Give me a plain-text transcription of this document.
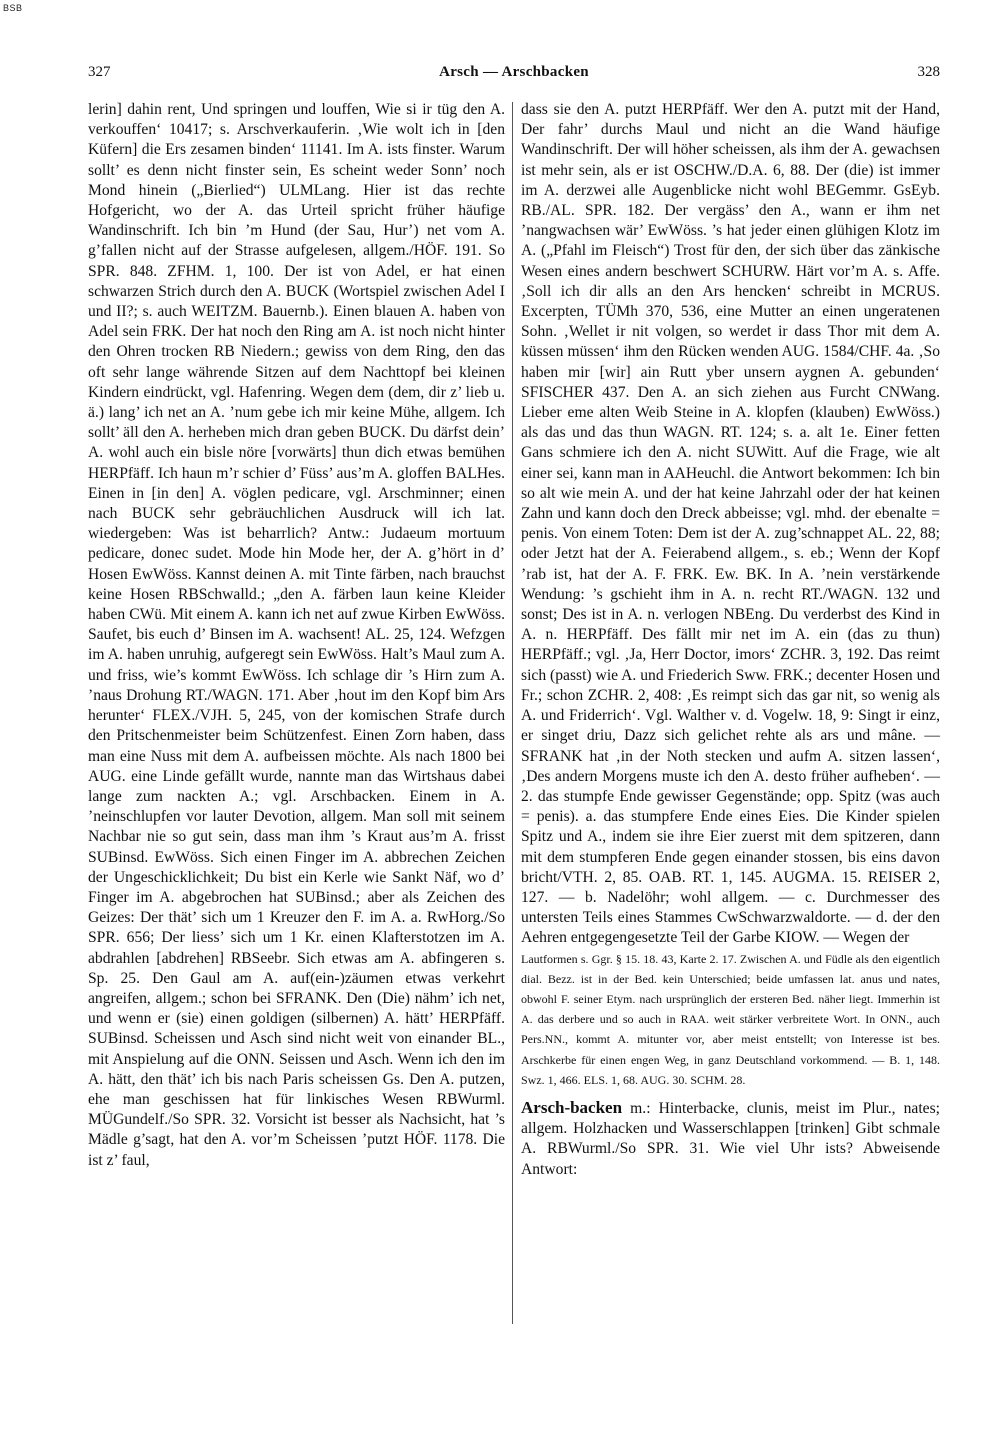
BSB
327	Arsch — Arschbacken	328

lerin] dahin rent, Und springen und louffen, Wie si ir tüg den A. verkouffen‘ 10417; s. Arschverkauferin. ‚Wie wolt ich in [den Küfern] die Ers zesamen binden‘ 11141. Im A. ists finster. Warum sollt’ es denn nicht finster sein, Es scheint weder Sonn’ noch Mond hinein („Bierlied“) ULMLang. Hier ist das rechte Hofgericht, wo der A. das Urteil spricht früher häufige Wandinschrift. Ich bin ’m Hund (der Sau, Hur’) net vom A. g’fallen nicht auf der Strasse aufgelesen, allgem./HÖF. 191. So SPR. 848. ZFHM. 1, 100. Der ist von Adel, er hat einen schwarzen Strich durch den A. BUCK (Wortspiel zwischen Adel I und II?; s. auch WEITZM. Bauernb.). Einen blauen A. haben von Adel sein FRK. Der hat noch den Ring am A. ist noch nicht hinter den Ohren trocken RB Niedern.; gewiss von dem Ring, den das oft sehr lange währende Sitzen auf dem Nachttopf bei kleinen Kindern eindrückt, vgl. Hafenring. Wegen dem (dem, dir z’ lieb u. ä.) lang’ ich net an A. ’num gebe ich mir keine Mühe, allgem. Ich sollt’ äll den A. herheben mich dran geben BUCK. Du därfst dein’ A. wohl auch ein bisle nöre [vorwärts] thun dich etwas bemühen HERPfäff. Ich haun m’r schier d’ Füss’ aus’m A. gloffen BALHes. Einen in [in den] A. vöglen pedicare, vgl. Arschminner; einen nach BUCK sehr gebräuchlichen Ausdruck will ich lat. wiedergeben: Was ist beharrlich? Antw.: Judaeum mortuum pedicare, donec sudet. Mode hin Mode her, der A. g’hört in d’ Hosen EwWöss. Kannst deinen A. mit Tinte färben, nach brauchst keine Hosen RBSchwalld.; „den A. färben laun keine Kleider haben CWü. Mit einem A. kann ich net auf zwue Kirben EwWöss. Saufet, bis euch d’ Binsen im A. wachsent! AL. 25, 124. Wefzgen im A. haben unruhig, aufgeregt sein EwWöss. Halt’s Maul zum A. und friss, wie’s kommt EwWöss. Ich schlage dir ’s Hirn zum A. ’naus Drohung RT./WAGN. 171. Aber ‚hout im den Kopf bim Ars herunter‘ FLEX./VJH. 5, 245, von der komischen Strafe durch den Pritschenmeister beim Schützenfest. Einen Zorn haben, dass man eine Nuss mit dem A. aufbeissen möchte. Als nach 1800 bei AUG. eine Linde gefällt wurde, nannte man das Wirtshaus dabei lange zum nackten A.; vgl. Arschbacken. Einem in A. ’neinschlupfen vor lauter Devotion, allgem. Man soll mit seinem Nachbar nie so gut sein, dass man ihm ’s Kraut aus’m A. frisst SUBinsd. EwWöss. Sich einen Finger im A. abbrechen Zeichen der Ungeschicklichkeit; Du bist ein Kerle wie Sankt Näf, wo d’ Finger im A. abgebrochen hat SUBinsd.; aber als Zeichen des Geizes: Der thät’ sich um 1 Kreuzer den F. im A. a. RwHorg./So SPR. 656; Der liess’ sich um 1 Kr. einen Klafterstotzen im A. abdrahlen [abdrehen] RBSeebr. Sich etwas am A. abfingeren s. Sp. 25. Den Gaul am A. auf(ein-)zäumen etwas verkehrt angreifen, allgem.; schon bei SFRANK. Den (Die) nähm’ ich net, und wenn er (sie) einen goldigen (silbernen) A. hätt’ HERPfäff. SUBinsd. Scheissen und Asch sind nicht weit von einander BL., mit Anspielung auf die ONN. Seissen und Asch. Wenn ich den im A. hätt, den thät’ ich bis nach Paris scheissen Gs. Den A. putzen, ehe man geschissen hat für linkisches Wesen RBWurml. MÜGundelf./So SPR. 32. Vorsicht ist besser als Nachsicht, hat ’s Mädle g’sagt, hat den A. vor’m Scheissen ’putzt HÖF. 1178. Die ist z’ faul,

dass sie den A. putzt HERPfäff. Wer den A. putzt mit der Hand, Der fahr’ durchs Maul und nicht an die Wand häufige Wandinschrift. Der will höher scheissen, als ihm der A. gewachsen ist mehr sein, als er ist OSCHW./D.A. 6, 88. Der (die) ist immer im A. derzwei alle Augenblicke nicht wohl BEGemmr. GsEyb. RB./AL. SPR. 182. Der vergäss’ den A., wann er ihm net ’nangwachsen wär’ EwWöss. ’s hat jeder einen glühigen Klotz im A. („Pfahl im Fleisch“) Trost für den, der sich über das zänkische Wesen eines andern beschwert SCHURW. Härt vor’m A. s. Affe. ‚Soll ich dir alls an den Ars hencken‘ schreibt in MCRUS. Excerpten, TÜMh 370, 536, eine Mutter an einen ungeratenen Sohn. ‚Wellet ir nit volgen, so werdet ir dass Thor mit dem A. küssen müssen‘ ihm den Rücken wenden AUG. 1584/CHF. 4a. ‚So haben mir [wir] ain Rutt yber unsern aygnen A. gebunden‘ SFISCHER 437. Den A. an sich ziehen aus Furcht CNWang. Lieber eme alten Weib Steine in A. klopfen (klauben) EwWöss.) als das und das thun WAGN. RT. 124; s. a. alt 1e. Einer fetten Gans schmiere ich den A. nicht SUWitt. Auf die Frage, wie alt einer sei, kann man in AAHeuchl. die Antwort bekommen: Ich bin so alt wie mein A. und der hat keine Jahrzahl oder der hat keinen Zahn und kann doch den Dreck abbeisse; vgl. mhd. der ebenalte = penis. Von einem Toten: Dem ist der A. zug’schnappet AL. 22, 88; oder Jetzt hat der A. Feierabend allgem., s. eb.; Wenn der Kopf ’rab ist, hat der A. F. FRK. Ew. BK. In A. ’nein verstärkende Wendung: ’s gschieht ihm in A. n. recht RT./WAGN. 132 und sonst; Des ist in A. n. verlogen NBEng. Du verderbst des Kind in A. n. HERPfäff. Des fällt mir net im A. ein (das zu thun) HERPfäff.; vgl. ‚Ja, Herr Doctor, imors‘ ZCHR. 3, 192. Das reimt sich (passt) wie A. und Friederich Sww. FRK.; decenter Hosen und Fr.; schon ZCHR. 2, 408: ‚Es reimpt sich das gar nit, so wenig als A. und Friderrich‘. Vgl. Walther v. d. Vogelw. 18, 9: Singt ir einz, er singet driu, Dazz sich gelichet rehte als ars und mâne. — SFRANK hat ‚in der Noth stecken und aufm A. sitzen lassen‘, ‚Des andern Morgens muste ich den A. desto früher aufheben‘. — 2. das stumpfe Ende gewisser Gegenstände; opp. Spitz (was auch = penis). a. das stumpfere Ende eines Eies. Die Kinder spielen Spitz und A., indem sie ihre Eier zuerst mit dem spitzeren, dann mit dem stumpferen Ende gegen einander stossen, bis eins davon bricht/VTH. 2, 85. OAB. RT. 1, 145. AUGMA. 15. REISER 2, 127. — b. Nadelöhr; wohl allgem. — c. Durchmesser des untersten Teils eines Stammes CwSchwarzwaldorte. — d. der den Aehren entgegengesetzte Teil der Garbe KIOW. — Wegen der

Lautformen s. Ggr. § 15. 18. 43, Karte 2. 17. Zwischen A. und Füdle als den eigentlich dial. Bezz. ist in der Bed. kein Unterschied; beide umfassen lat. anus und nates, obwohl F. seiner Etym. nach ursprünglich der ersteren Bed. näher liegt. Immerhin ist A. das derbere und so auch in RAA. weit stärker verbreitete Wort. In ONN., auch Pers.NN., kommt A. mitunter vor, aber meist entstellt; von Interesse ist bes. Arschkerbe für einen engen Weg, in ganz Deutschland vorkommend. — B. 1, 148. Swz. 1, 466. ELS. 1, 68. AUG. 30. SCHM. 28.

Arsch-backen m.: Hinterbacke, clunis, meist im Plur., nates; allgem. Holzhacken und Wasserschlappen [trinken] Gibt schmale A. RBWurml./So SPR. 31. Wie viel Uhr ists? Abweisende Antwort:
